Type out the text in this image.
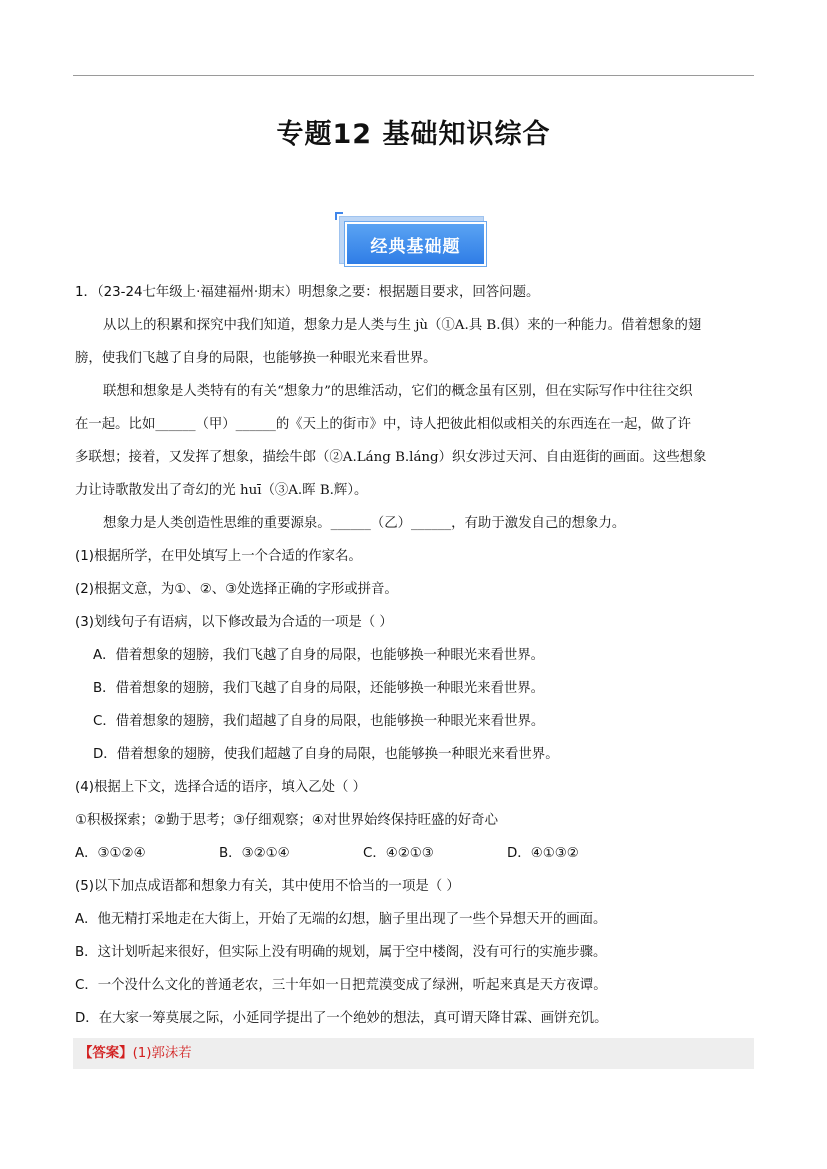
专题12 基础知识综合
经典基础题
1．（23-24七年级上·福建福州·期末）明想象之要：根据题目要求，回答问题。
从以上的积累和探究中我们知道，想象力是人类与生 jù（①A.具 B.俱）来的一种能力。借着想象的翅
膀，使我们飞越了自身的局限，也能够换一种眼光来看世界。
联想和想象是人类特有的有关“想象力”的思维活动，它们的概念虽有区别，但在实际写作中往往交织
在一起。比如______（甲）______的《天上的街市》中，诗人把彼此相似或相关的东西连在一起，做了许
多联想；接着，又发挥了想象，描绘牛郎（②A.Láng B.láng）织女涉过天河、自由逛街的画面。这些想象
力让诗歌散发出了奇幻的光 huī（③A.晖 B.辉）。
想象力是人类创造性思维的重要源泉。______（乙）______，有助于激发自己的想象力。
(1)根据所学，在甲处填写上一个合适的作家名。
(2)根据文意，为①、②、③处选择正确的字形或拼音。
(3)划线句子有语病，以下修改最为合适的一项是（ ）
A．借着想象的翅膀，我们飞越了自身的局限，也能够换一种眼光来看世界。
B．借着想象的翅膀，我们飞越了自身的局限，还能够换一种眼光来看世界。
C．借着想象的翅膀，我们超越了自身的局限，也能够换一种眼光来看世界。
D．借着想象的翅膀，使我们超越了自身的局限，也能够换一种眼光来看世界。
(4)根据上下文，选择合适的语序，填入乙处（ ）
①积极探索；②勤于思考；③仔细观察；④对世界始终保持旺盛的好奇心
A．③①②④	B．③②①④	C．④②①③	D．④①③②
(5)以下加点成语都和想象力有关，其中使用不恰当的一项是（ ）
A．他无精打采地走在大街上，开始了无端的幻想，脑子里出现了一些个异想天开的画面。
B．这计划听起来很好，但实际上没有明确的规划，属于空中楼阁，没有可行的实施步骤。
C．一个没什么文化的普通老农，三十年如一日把荒漠变成了绿洲，听起来真是天方夜谭。
D．在大家一筹莫展之际，小延同学提出了一个绝妙的想法，真可谓天降甘霖、画饼充饥。
【答案】(1)郭沫若
